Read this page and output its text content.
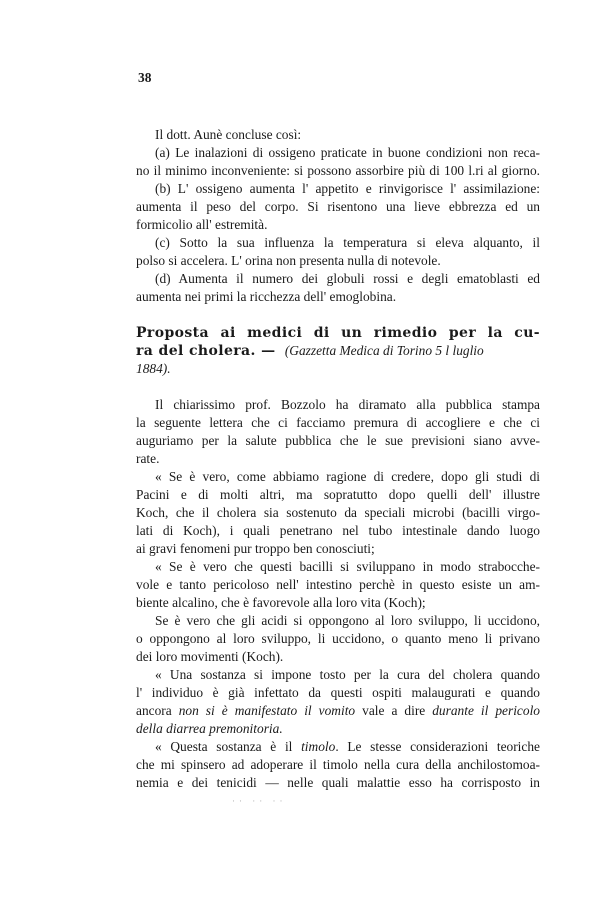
38
Il dott. Aunè concluse così:
(a) Le inalazioni di ossigeno praticate in buone condizioni non reca-
no il minimo inconveniente: si possono assorbire più di 100 l.ri al giorno.
(b) L' ossigeno aumenta l' appetito e rinvigorisce l' assimilazione:
aumenta il peso del corpo. Si risentono una lieve ebbrezza ed un
formicolio all' estremità.
(c) Sotto la sua influenza la temperatura si eleva alquanto, il
polso si accelera. L' orina non presenta nulla di notevole.
(d) Aumenta il numero dei globuli rossi e degli ematoblasti ed
aumenta nei primi la ricchezza dell' emoglobina.
Proposta ai medici di un rimedio per la cu-
ra del cholera. — (Gazzetta Medica di Torino 5 l luglio
1884).
Il chiarissimo prof. Bozzolo ha diramato alla pubblica stampa
la seguente lettera che ci facciamo premura di accogliere e che ci
auguriamo per la salute pubblica che le sue previsioni siano avve-
rate.
« Se è vero, come abbiamo ragione di credere, dopo gli studi di
Pacini e di molti altri, ma sopratutto dopo quelli dell' illustre
Koch, che il cholera sia sostenuto da speciali microbi (bacilli virgo-
lati di Koch), i quali penetrano nel tubo intestinale dando luogo
ai gravi fenomeni pur troppo ben conosciuti;
« Se è vero che questi bacilli si sviluppano in modo strabocche-
vole e tanto pericoloso nell' intestino perchè in questo esiste un am-
biente alcalino, che è favorevole alla loro vita (Koch);
Se è vero che gli acidi si oppongono al loro sviluppo, li uccidono,
o oppongono al loro sviluppo, li uccidono, o quanto meno li privano
dei loro movimenti (Koch).
« Una sostanza si impone tosto per la cura del cholera quando
l' individuo è già infettato da questi ospiti malaugurati e quando
ancora non si è manifestato il vomito vale a dire durante il pericolo
della diarrea premonitoria.
« Questa sostanza è il timolo. Le stesse considerazioni teoriche
che mi spinsero ad adoperare il timolo nella cura della anchilostomoa-
nemia e dei tenicidi — nelle quali malattie esso ha corrisposto in
·· ·· ··
